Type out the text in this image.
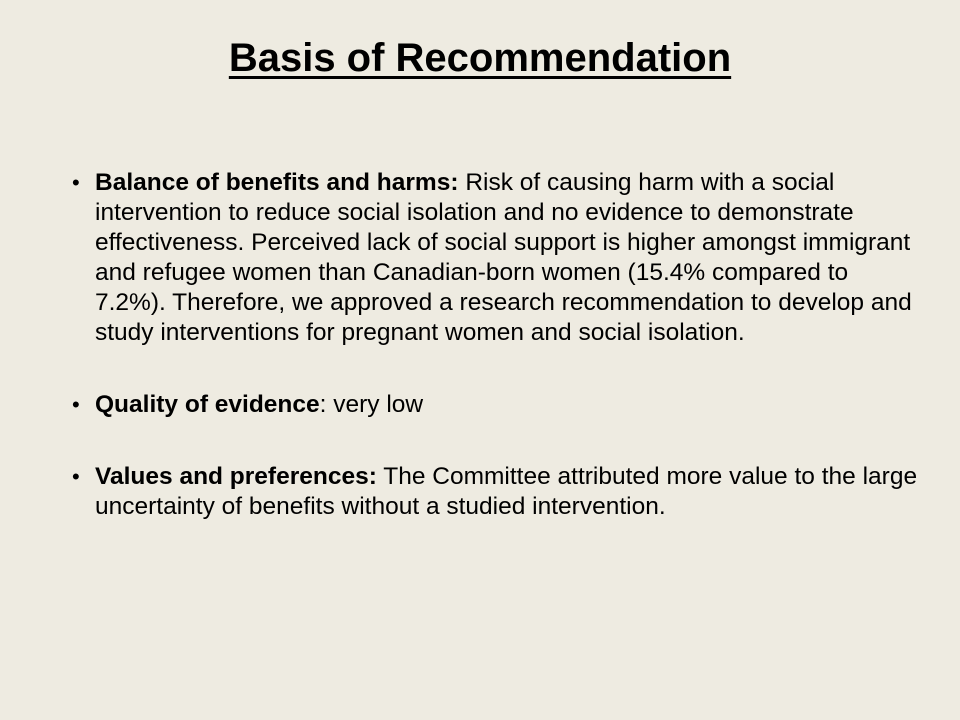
Basis of Recommendation
• Balance of benefits and harms: Risk of causing harm with a social intervention to reduce social isolation and no evidence to demonstrate effectiveness. Perceived lack of social support is higher amongst immigrant and refugee women than Canadian-born women (15.4% compared to 7.2%). Therefore, we approved a research recommendation to develop and study interventions for pregnant women and social isolation.
• Quality of evidence: very low
• Values and preferences: The Committee attributed more value to the large uncertainty of benefits without a studied intervention.
